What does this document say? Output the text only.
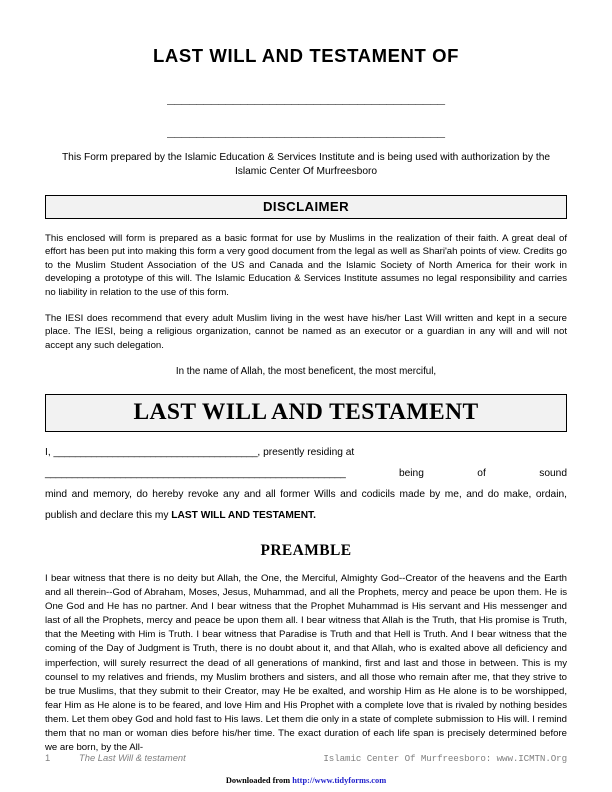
LAST WILL AND TESTAMENT OF
______________________________________
______________________________________
This Form prepared by the Islamic Education & Services Institute and is being used with authorization by the Islamic Center Of Murfreesboro
DISCLAIMER
This enclosed will form is prepared as a basic format for use by Muslims in the realization of their faith. A great deal of effort has been put into making this form a very good document from the legal as well as Shari'ah points of view. Credits go to the Muslim Student Association of the US and Canada and the Islamic Society of North America for their work in developing a prototype of this will. The Islamic Education & Services Institute assumes no legal responsibility and carries no liability in relation to the use of this form.
The IESI does recommend that every adult Muslim living in the west have his/her Last Will written and kept in a secure place. The IESI, being a religious organization, cannot be named as an executor or a guardian in any will and will not accept any such delegation.
In the name of Allah, the most beneficent, the most merciful,
LAST WILL AND TESTAMENT
I, ______________________________________, presently residing at
________________________________________________________	being of sound
mind and memory, do hereby revoke any and all former Wills and codicils made by me, and do make, ordain,
publish and declare this my LAST WILL AND TESTAMENT.
PREAMBLE
I bear witness that there is no deity but Allah, the One, the Merciful, Almighty God--Creator of the heavens and the Earth and all therein--God of Abraham, Moses, Jesus, Muhammad, and all the Prophets, mercy and peace be upon them. He is One God and He has no partner. And I bear witness that the Prophet Muhammad is His servant and His messenger and last of all the Prophets, mercy and peace be upon them all. I bear witness that Allah is the Truth, that His promise is Truth, that the Meeting with Him is Truth. I bear witness that Paradise is Truth and that Hell is Truth. And I bear witness that the coming of the Day of Judgment is Truth, there is no doubt about it, and that Allah, who is exalted above all deficiency and imperfection, will surely resurrect the dead of all generations of mankind, first and last and those in between. This is my counsel to my relatives and friends, my Muslim brothers and sisters, and all those who remain after me, that they strive to be true Muslims, that they submit to their Creator, may He be exalted, and worship Him as He alone is to be worshipped, fear Him as He alone is to be feared, and love Him and His Prophet with a complete love that is rivaled by nothing besides them. Let them obey God and hold fast to His laws. Let them die only in a state of complete submission to His will. I remind them that no man or woman dies before his/her time. The exact duration of each life span is precisely determined before we are born, by the All-
1	The Last Will & testament	Islamic Center Of Murfreesboro: www.ICMTN.Org
Downloaded from http://www.tidyforms.com
